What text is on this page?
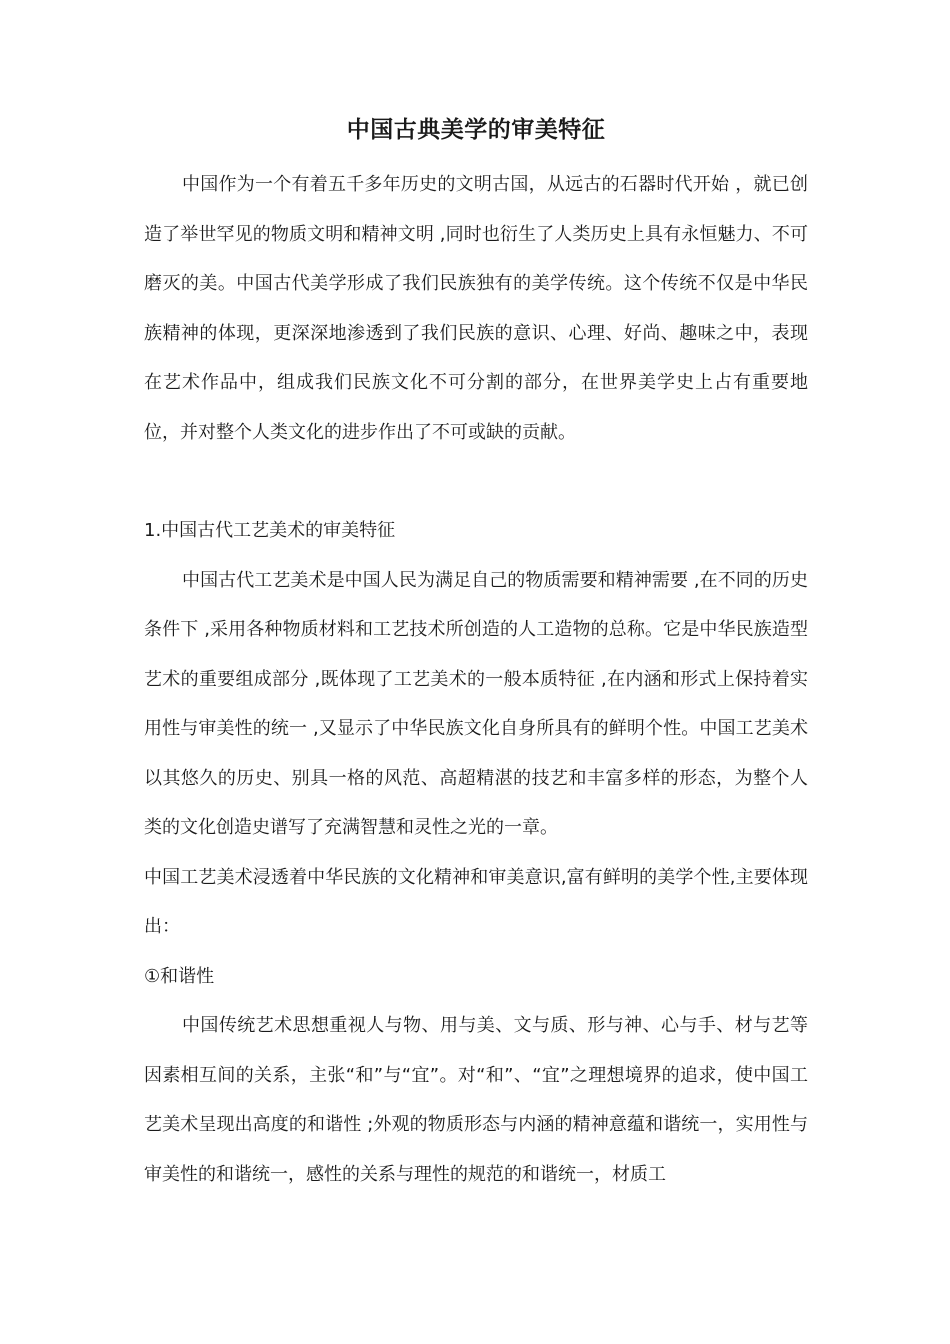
中国古典美学的审美特征

中国作为一个有着五千多年历史的文明古国，从远古的石器时代开始 ，就已创造了举世罕见的物质文明和精神文明 ,同时也衍生了人类历史上具有永恒魅力、不可磨灭的美。中国古代美学形成了我们民族独有的美学传统。这个传统不仅是中华民族精神的体现，更深深地渗透到了我们民族的意识、心理、好尚、趣味之中，表现在艺术作品中，组成我们民族文化不可分割的部分，在世界美学史上占有重要地位，并对整个人类文化的进步作出了不可或缺的贡献。

1.中国古代工艺美术的审美特征

中国古代工艺美术是中国人民为满足自己的物质需要和精神需要 ,在不同的历史条件下 ,采用各种物质材料和工艺技术所创造的人工造物的总称。它是中华民族造型艺术的重要组成部分 ,既体现了工艺美术的一般本质特征 ,在内涵和形式上保持着实用性与审美性的统一 ,又显示了中华民族文化自身所具有的鲜明个性。中国工艺美术以其悠久的历史、别具一格的风范、高超精湛的技艺和丰富多样的形态，为整个人类的文化创造史谱写了充满智慧和灵性之光的一章。

中国工艺美术浸透着中华民族的文化精神和审美意识,富有鲜明的美学个性,主要体现出：

①和谐性

中国传统艺术思想重视人与物、用与美、文与质、形与神、心与手、材与艺等因素相互间的关系，主张“和”与“宜”。对“和”、“宜”之理想境界的追求，使中国工艺美术呈现出高度的和谐性 ;外观的物质形态与内涵的精神意蕴和谐统一，实用性与审美性的和谐统一，感性的关系与理性的规范的和谐统一，材质工
